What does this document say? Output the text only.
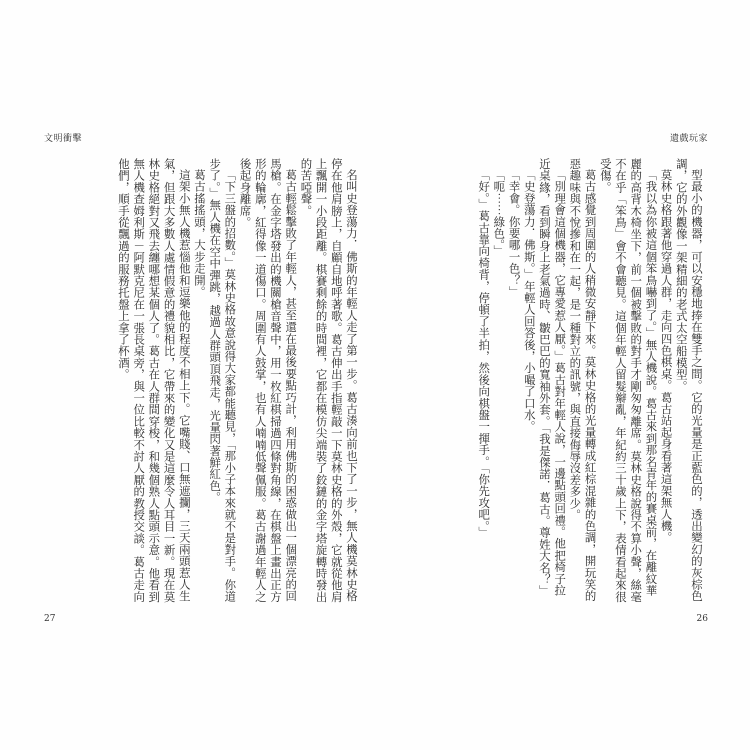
文明衝擊	遺戲玩家

型最小的機器，可以安穩地捧在雙手之間。它的光量是正藍色的，透出變幻的灰棕色調，它的外觀像一架精細的老式太空船模型。

莫林史格跟著他穿過人群，走向四色棋桌。葛古站起身看著這架無人機。

「我以為你被這個笨鳥嚇到了。」無人機說。葛古來到那名青年的賽桌前，在離紋華麗的高背木椅坐下，前一個被擊敗的對手才剛匆匆離席。莫林史格說得不算小聲，絲毫不在乎「笨鳥」會不會聽見。這個年輕人留髮辮亂，年紀約三十歲上下，表情看起來很受傷。

葛古感覺到周圍的人稍微安靜下來。莫林史格的光量轉成紅棕混雜的色調，開玩笑的惡趣味與不悅摻和在一起，是一種對立的訊號，與直接侮辱沒差多少。

「別理會這個機器，它專愛惹人厭。」葛古對年輕人說，一邊點頭回禮。他把椅子拉近桌緣，看到瞬身上老氣過時、皺巴巴的寬袖外套。「我是傑諾．葛古。尊姓大名？」

「史登蕩力．佛斯。」年輕人回答後，小嘬了口水。

「幸會。你要哪一色？」

「呃⋯⋯綠色。」

「好。」葛古靠向椅背，停頓了半拍，然後向棋盤一揮手。「你先攻吧。」

名叫史登蕩力．佛斯的年輕人走了第一步。葛古湊向前也下了一步，無人機莫林史格停在他肩膀上，自顧自地呼著歌。葛古伸出手指輕敲一下莫林史格的外殼，它就從他肩上飄開一小段距離。棋賽剩餘的時間裡，它都在模仿尖端裝了鉸鏈的金字塔旋轉時發出的苦啞聲。

葛古輕鬆擊敗了年輕人，甚至還在最後要點巧計，利用佛斯的困惑做出一個漂亮的回馬槍。在金字塔發出的機關槍音聲中，用一枚紅棋掃過四條對角線，在棋盤上畫出正方形的輪廓，紅得像一道傷口。周圍有人鼓掌，也有人喃喃低聲佩服。葛古謝過年輕人之後起身離席。

「下三盤的招數。」莫林史格故意說得大家都能聽見，「那小子本來就不是對手。你道步了。」無人機在空中彈跳，越過人群頭頂飛走，光量閃著鮮紅色。

葛古搖搖頭，大步走開。

這架小無人機惹惱他和逗樂他的程度不相上下。它嘴賤、口無遮攔，三天兩頭惹人生氣，但跟大多數人處情假意的禮貌相比，它帶來的變化又是這麼令人耳目一新。現在莫林史格絕對又飛去纏哪想某個人了。葛古在人群間穿梭，和幾個熟人點頭示意。他看到無人機查姆利斯－阿默克尼在一張長桌旁，與一位比較不討人厭的教授交談。葛古走向他們，順手從飄過的服務托盤上拿了杯酒。

27	26
